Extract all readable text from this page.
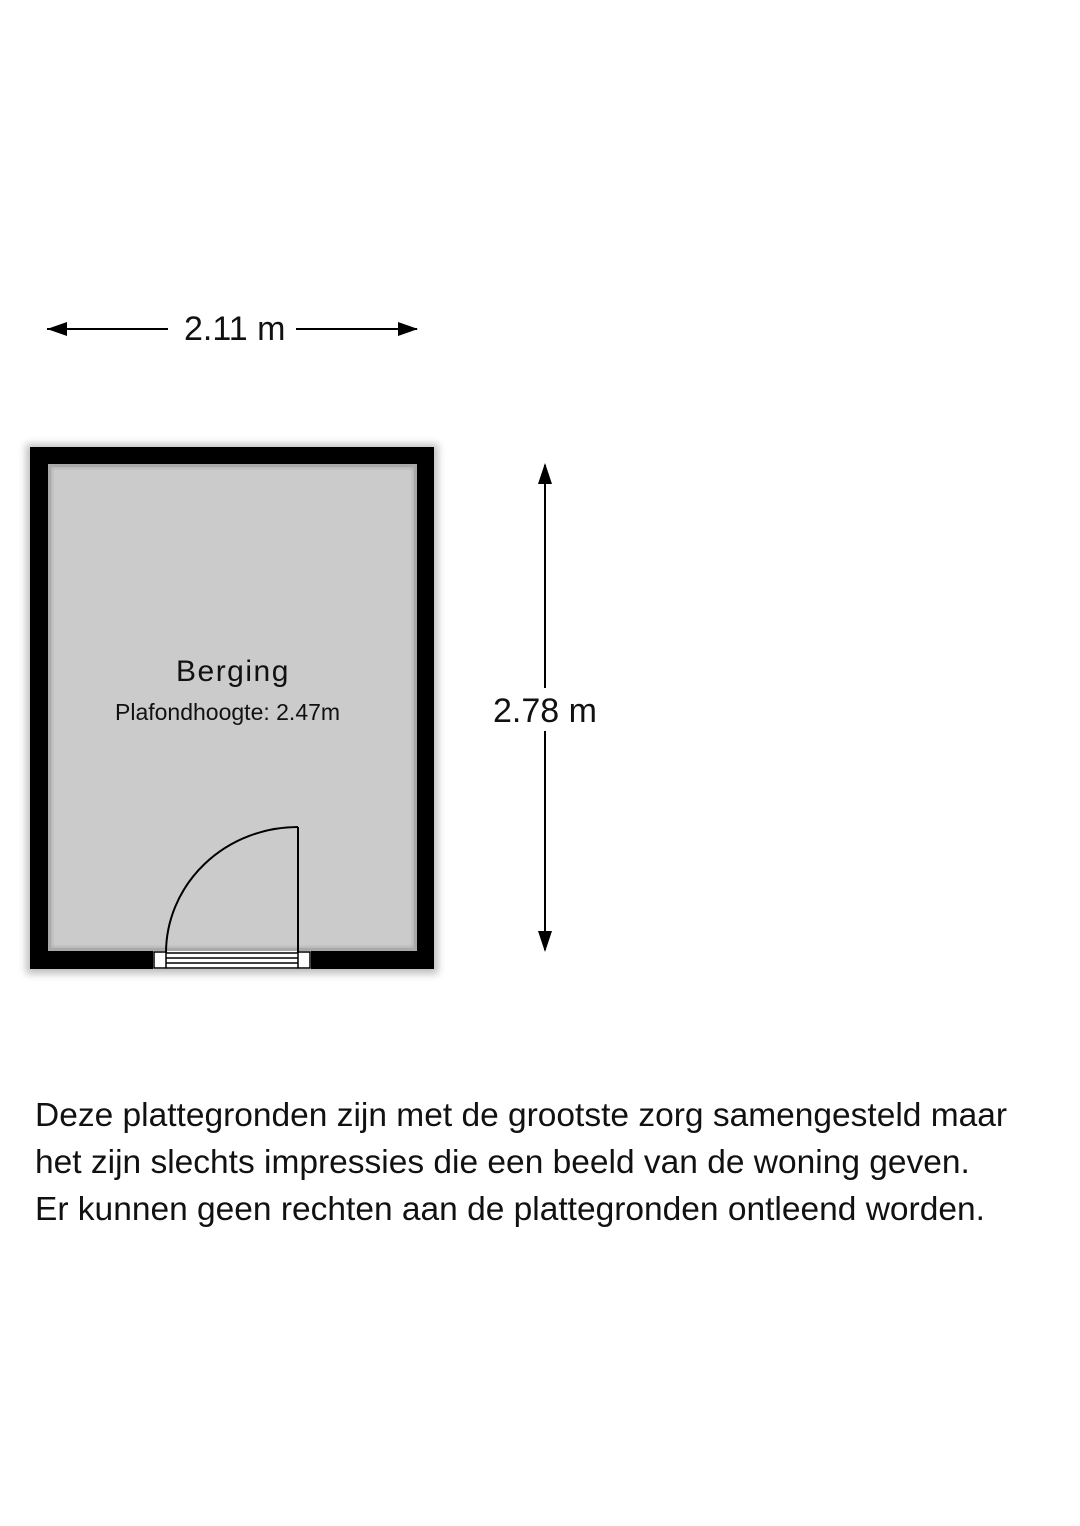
2.11 m
2.78 m
Berging
Plafondhoogte: 2.47m
Deze plattegronden zijn met de grootste zorg samengesteld maar
het zijn slechts impressies die een beeld van de woning geven.
Er kunnen geen rechten aan de plattegronden ontleend worden.
